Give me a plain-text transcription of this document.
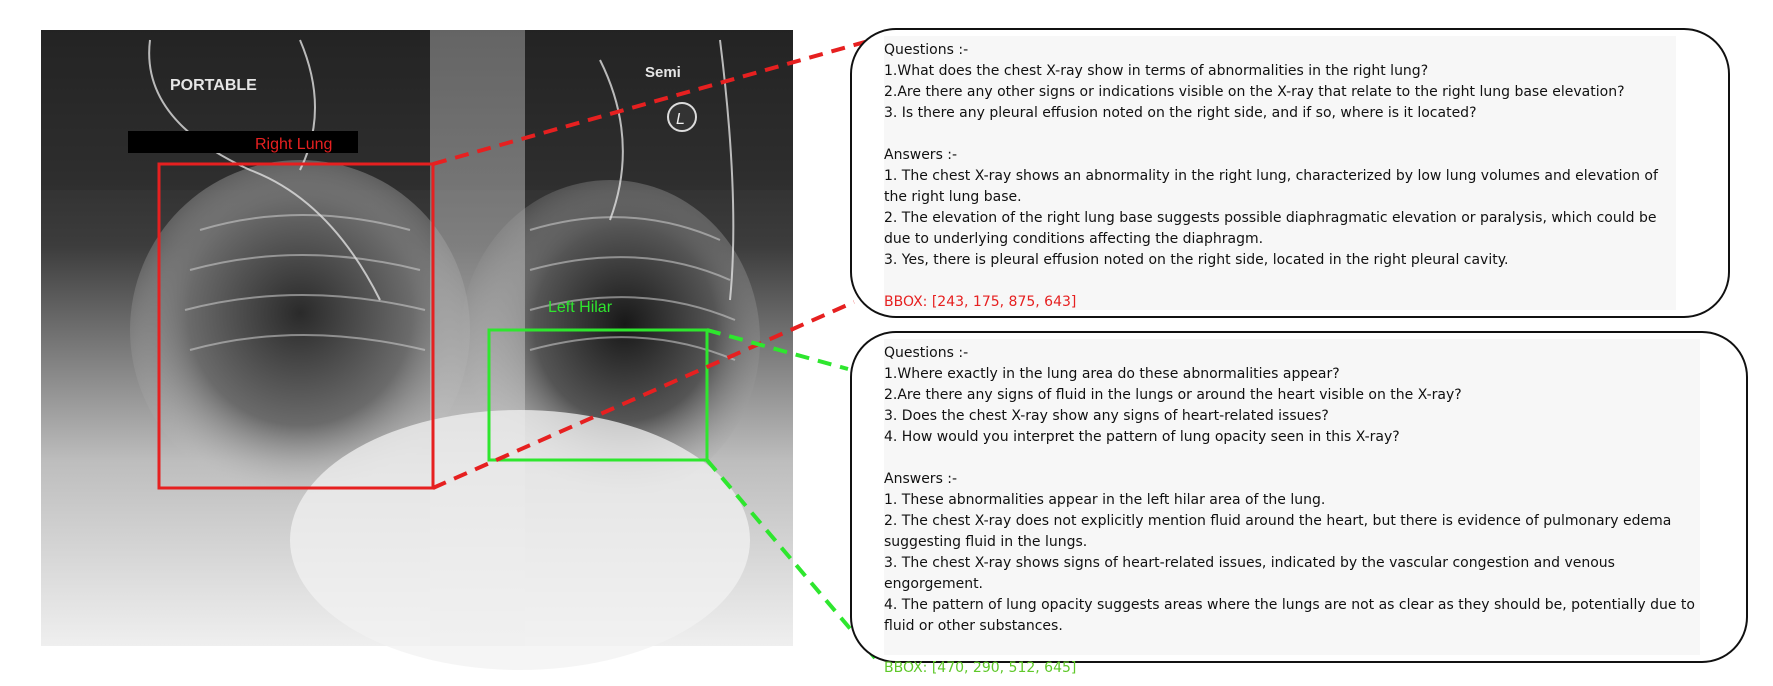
PORTABLE
Semi
L
Right Lung
Left Hilar

Questions :-

1.What does the chest X-ray show in terms of abnormalities in the right lung?

2.Are there any other signs or indications visible on the X-ray that relate to the right lung base elevation?

3. Is there any pleural effusion noted on the right side, and if so, where is it located?

Answers :-

1. The chest X-ray shows an abnormality in the right lung, characterized by low lung volumes and elevation of the right lung base.

2. The elevation of the right lung base suggests possible diaphragmatic elevation or paralysis, which could be due to underlying conditions affecting the diaphragm.

3. Yes, there is pleural effusion noted on the right side, located in the right pleural cavity.

BBOX: [243, 175, 875, 643]

Questions :-

1.Where exactly in the lung area do these abnormalities appear?

2.Are there any signs of fluid in the lungs or around the heart visible on the X-ray?

3. Does the chest X-ray show any signs of heart-related issues?

4. How would you interpret the pattern of lung opacity seen in this X-ray?

Answers :-

1. These abnormalities appear in the left hilar area of the lung.

2. The chest X-ray does not explicitly mention fluid around the heart, but there is evidence of pulmonary edema suggesting fluid in the lungs.

3. The chest X-ray shows signs of heart-related issues, indicated by the vascular congestion and venous engorgement.

4. The pattern of lung opacity suggests areas where the lungs are not as clear as they should be, potentially due to fluid or other substances.

BBOX: [470, 290, 512, 645]
